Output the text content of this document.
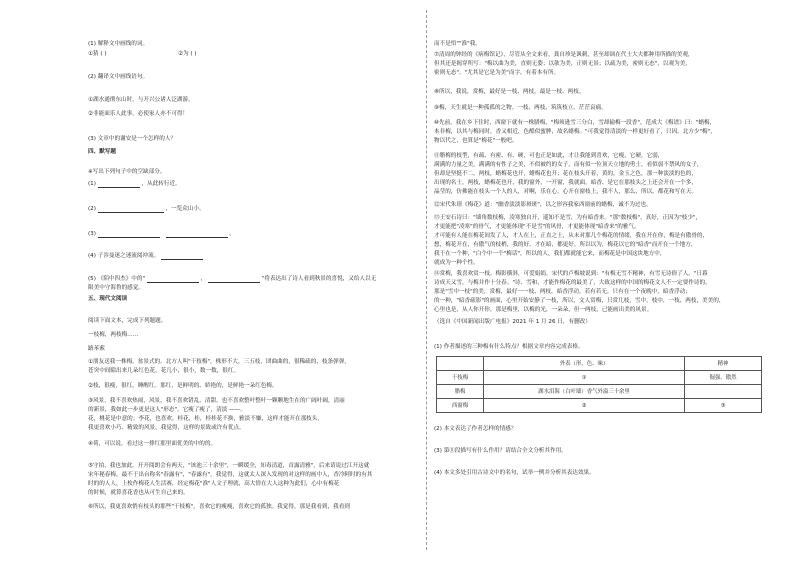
(1) 解释文中画线的词。
①猜 ( )	②为 ( )
(2) 翻译文中画线语句。
①湖水通彻东山时，与开兴公诸人泛湖游。
②非能面乐人此事，必使家人亦不可得！
(3) 文章中的谢安是一个怎样的人？
四、默写题
※写出下列句子中的空缺部分。
(1)	，从此转行近。
(2)	，一览众山小。
(3)	。
(4) 子涉曼迷之迷流阅冲流。
(5) 《陌中四杰》中的"	，	"将表达出了诗人看到秋景的喜悦，又给人以无
限美中守海鲁的感觉。
五、现代文阅读
阅读下面文本，完成下列题题。
一枝梅，两枝梅……
路苯萦
①朋友送我一株梅，盆景式的。北方人叫"干枝梅"，株形不大，三五枝，团曲曲的，很稀疏的，枝条弹弹，
苍突中间隙出来几朵红色花，花几小，很小，数一数，很红。
②枝，很瘦，很红，睡醒红。那红，是鲜明的、娇艳的，是鲜艳一朵红色梅。
③风景，我不喜欢热闹，风景，我不喜欢错乱、清甜，也不喜欢整叶整叶一颗颗地生在的广阔叶阔，清丽
的新景，我如此一步更是这人"形态"。它瘦了瘦了，清淡 ——。
花，桃花是中意的；李花，也喜欢。桂花，桂，桂桂花不换，雅淡不嫌，这样才能开在那枝头，
我更喜欢小巧、精致的风景，我觉得，这样的景致或许有优点。
④荷，可以说，看过这一排红那里面优美的中的的。
⑤守拍，我也加此。开开阅朗会有两天，"该池三十余里"，一瞬缓全，知毒清道，首露清雅"，后来请说过江开这就
宋年秘春梅，最不于出台称名"春露有"，"春露有"，我觉得，这就太人深入发现的对这样的画中人，香冷阿时的有其
时的的人人，上枚作梅花人生活赛，经定梅花"淮"人文子理就，高大情在大人这种为此们，心中有梅花
的时候，就算喜花香也从可生自己来的。
⑥所以，我更喜欢悄有枝头的那些"干枝梅"，喜欢它的瘦瘦，喜欢它的孤独。我觉得，那是我看到，我看到
而不是悟""淮"我。
⑦清周的钟经的《病梅馆记》，尽管从全文来看，龚自珍是讽刺，甚至却讽在代士大夫都种用所描的美观，
但其还是揭穿所写："梅以曲为美，直则无姿；以欹为美，正则无景；以疏为美，密则无态"，以观为美，
密则无态"。"尤其是它是为美"而字，有着本有所。
⑧所以，我说，赏梅，最好是一枝、两枝，最是一枝、两枝。
⑨梅，天生就是一种孤孤的之物。一枝、两枝，筑筑枝立，茫茫哀痛。
⑩先前，我在乡下住时，西窗下就有一株腊梅，"梅须逊雪三分白，雪却输梅一段香"，范成大《梅谱》曰："蜡梅，
本非梅，以其与梅同时，香又相近，色酷似蜜脾，故名蜡梅。"可我觉得清淡的一样更好看了，只因，北方少"梅"，
物以代之，也算是"梅花"一般吧。
⑪腊梅的枝型，有疏、有密、有、硬，可也正是如此，才让我能到喜欢，它瘦，它硬，它弱，
满满的力量之美，满满的有性子之美，不似被约的女子，而有似一位顶天立地的勇士，看似弱不禁风的女子，
但却是坚挺不二，两枝，蜡梅花也开，蜡梅花也开；花在枝头开着，黄的，金玉之色，那一种淡淡的色的，
出现的名士，两枝，蜡梅花也开，我的窗外，一开窗，我就面，暗香、是它在那枝头之上还会开在一个多，
晶莹的，仿佛能在枝头一个人的人，对啊，乐在心，心开在窗枝上，我不人，那么，所以，都花和写在天。
⑫宋代朱璟《梅花》道："幽香淡淡影斑斑"，以之形容我家西窗前的蜡梅，诚不为过也。
⑬王安石诗曰："墙角数枝梅，凌寒独自开，遥知不是雪，为有暗香来。"那"数枝梅"，真好，正因为"枝少"，
才更能把"凌寒"的骨气，才更能体现"不是雪"的风骨，才更能体现"暗香来"的雅气。
才可能有人能在梅花间发了人，才人在上，正直之士，从未对那几个梅花的情绪，我在开在你，梅是有傲骨的，
想，梅花开在，有傲气的枝梢，我的好，才在暗，都更好。所以以为，梅花以它的"暗香"而开在一个地方，
我于在一个种，"白个中一个"梅话"，所以的人，我们都就能它来，而梅花是中国这块地方中，
就成为一种个性。
⑭赏梅，我喜欢赏一枝。梅影横斜，可爱娟娟。宋代的卢梅坡说到："有梅无雪不精神，有雪无诗俗了人。"日暮
诗成天又雪，与梅并作十分春。"诗、雪和，才能作梅花的最美了，大致这样的中国的梅花文人不一定要作诗的，
那是"雪中一枝"的美，赏梅，最好一一枝、两枝，暗香浮动，若有若无，只有在一个夜晚中，暗香浮动；
的一种，"暗香疏影"的画面，心里开始安静了一枝，所以，文人赏梅，只赏几枝，雪中，枝中，一枝、两枝，美美的，
心里也是，从人你开你，那是梅里，以梅的光，一朵朵，但一两枝，已能画出美的风景。
（选自《中国新闻出版广电报》2021 年 1 月 26 日，有删改）
(1) 作者描述的三种梅有什么特点？根据文章内容完成表格。
	外表（形、色、味）	精神
干枝梅	①	倔强、傲然
腊梅	湖水泪海（白叶墙）香气外溢三十余里	
西窗梅	②	③
(2) 本文表达了作者怎样的情感？
(3) 第⑪段描写有什么作用？请结合全文分析其作用。
(4) 本文多处引用古诗文中的名句，试举一例并分析其表达效果。
